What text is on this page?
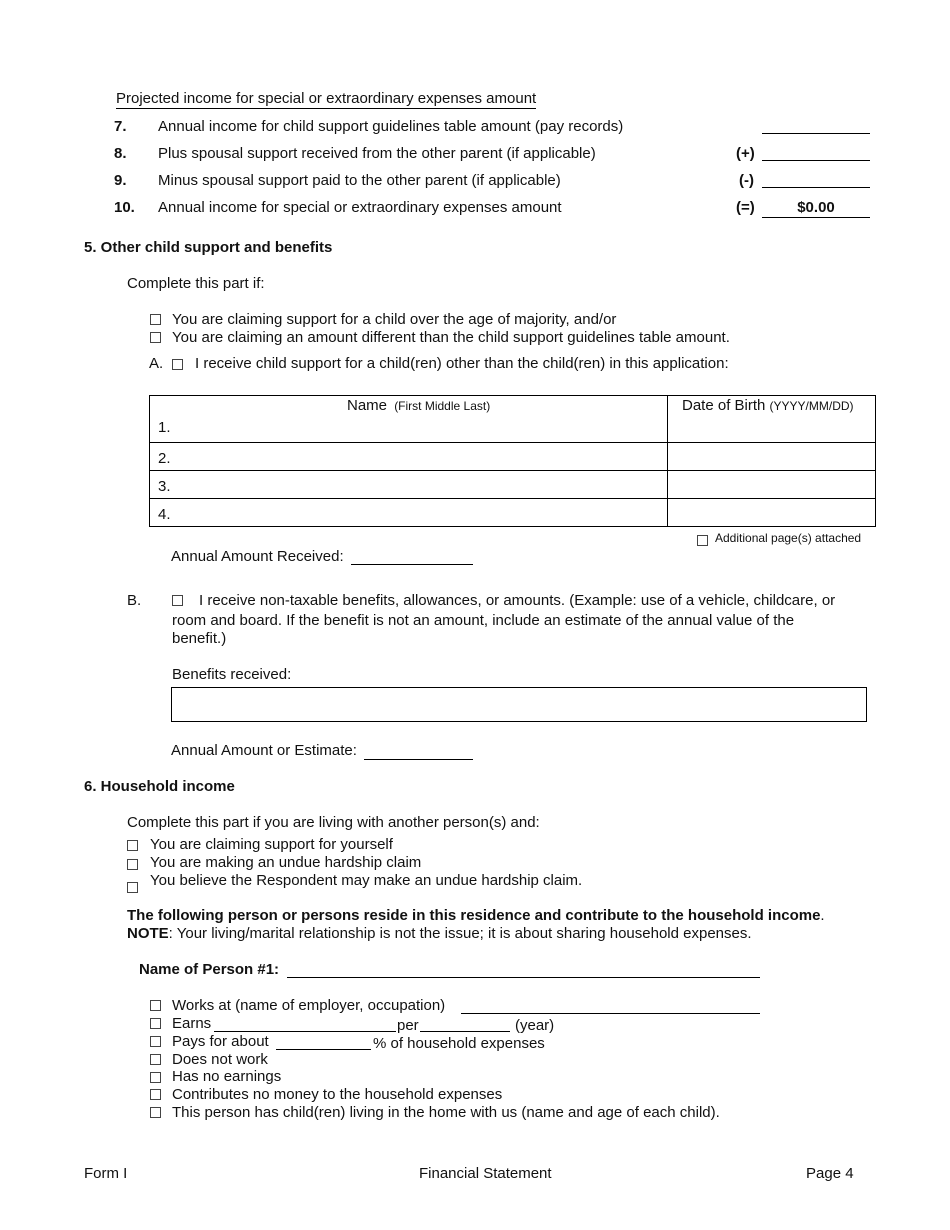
Projected income for special or extraordinary expenses amount
7. Annual income for child support guidelines table amount (pay records)
8. Plus spousal support received from the other parent (if applicable)	(+)
9. Minus spousal support paid to the other parent (if applicable)	(-)
10. Annual income for special or extraordinary expenses amount	(=)	$0.00
5. Other child support and benefits
Complete this part if:
You are claiming support for a child over the age of majority, and/or
You are claiming an amount different than the child support guidelines table amount.
A. I receive child support for a child(ren) other than the child(ren) in this application:
Name (First Middle Last)	Date of Birth (YYYY/MM/DD)
1.
2.
3.
4.
Additional page(s) attached
Annual Amount Received:
B.	I receive non-taxable benefits, allowances, or amounts. (Example: use of a vehicle, childcare, or
room and board. If the benefit is not an amount, include an estimate of the annual value of the
benefit.)
Benefits received:
Annual Amount or Estimate:
6. Household income
Complete this part if you are living with another person(s) and:
You are claiming support for yourself
You are making an undue hardship claim
You believe the Respondent may make an undue hardship claim.
The following person or persons reside in this residence and contribute to the household income.
NOTE: Your living/marital relationship is not the issue; it is about sharing household expenses.
Name of Person #1:
Works at (name of employer, occupation)
Earns	per	(year)
Pays for about	% of household expenses
Does not work
Has no earnings
Contributes no money to the household expenses
This person has child(ren) living in the home with us (name and age of each child).
Form I	Financial Statement	Page 4
